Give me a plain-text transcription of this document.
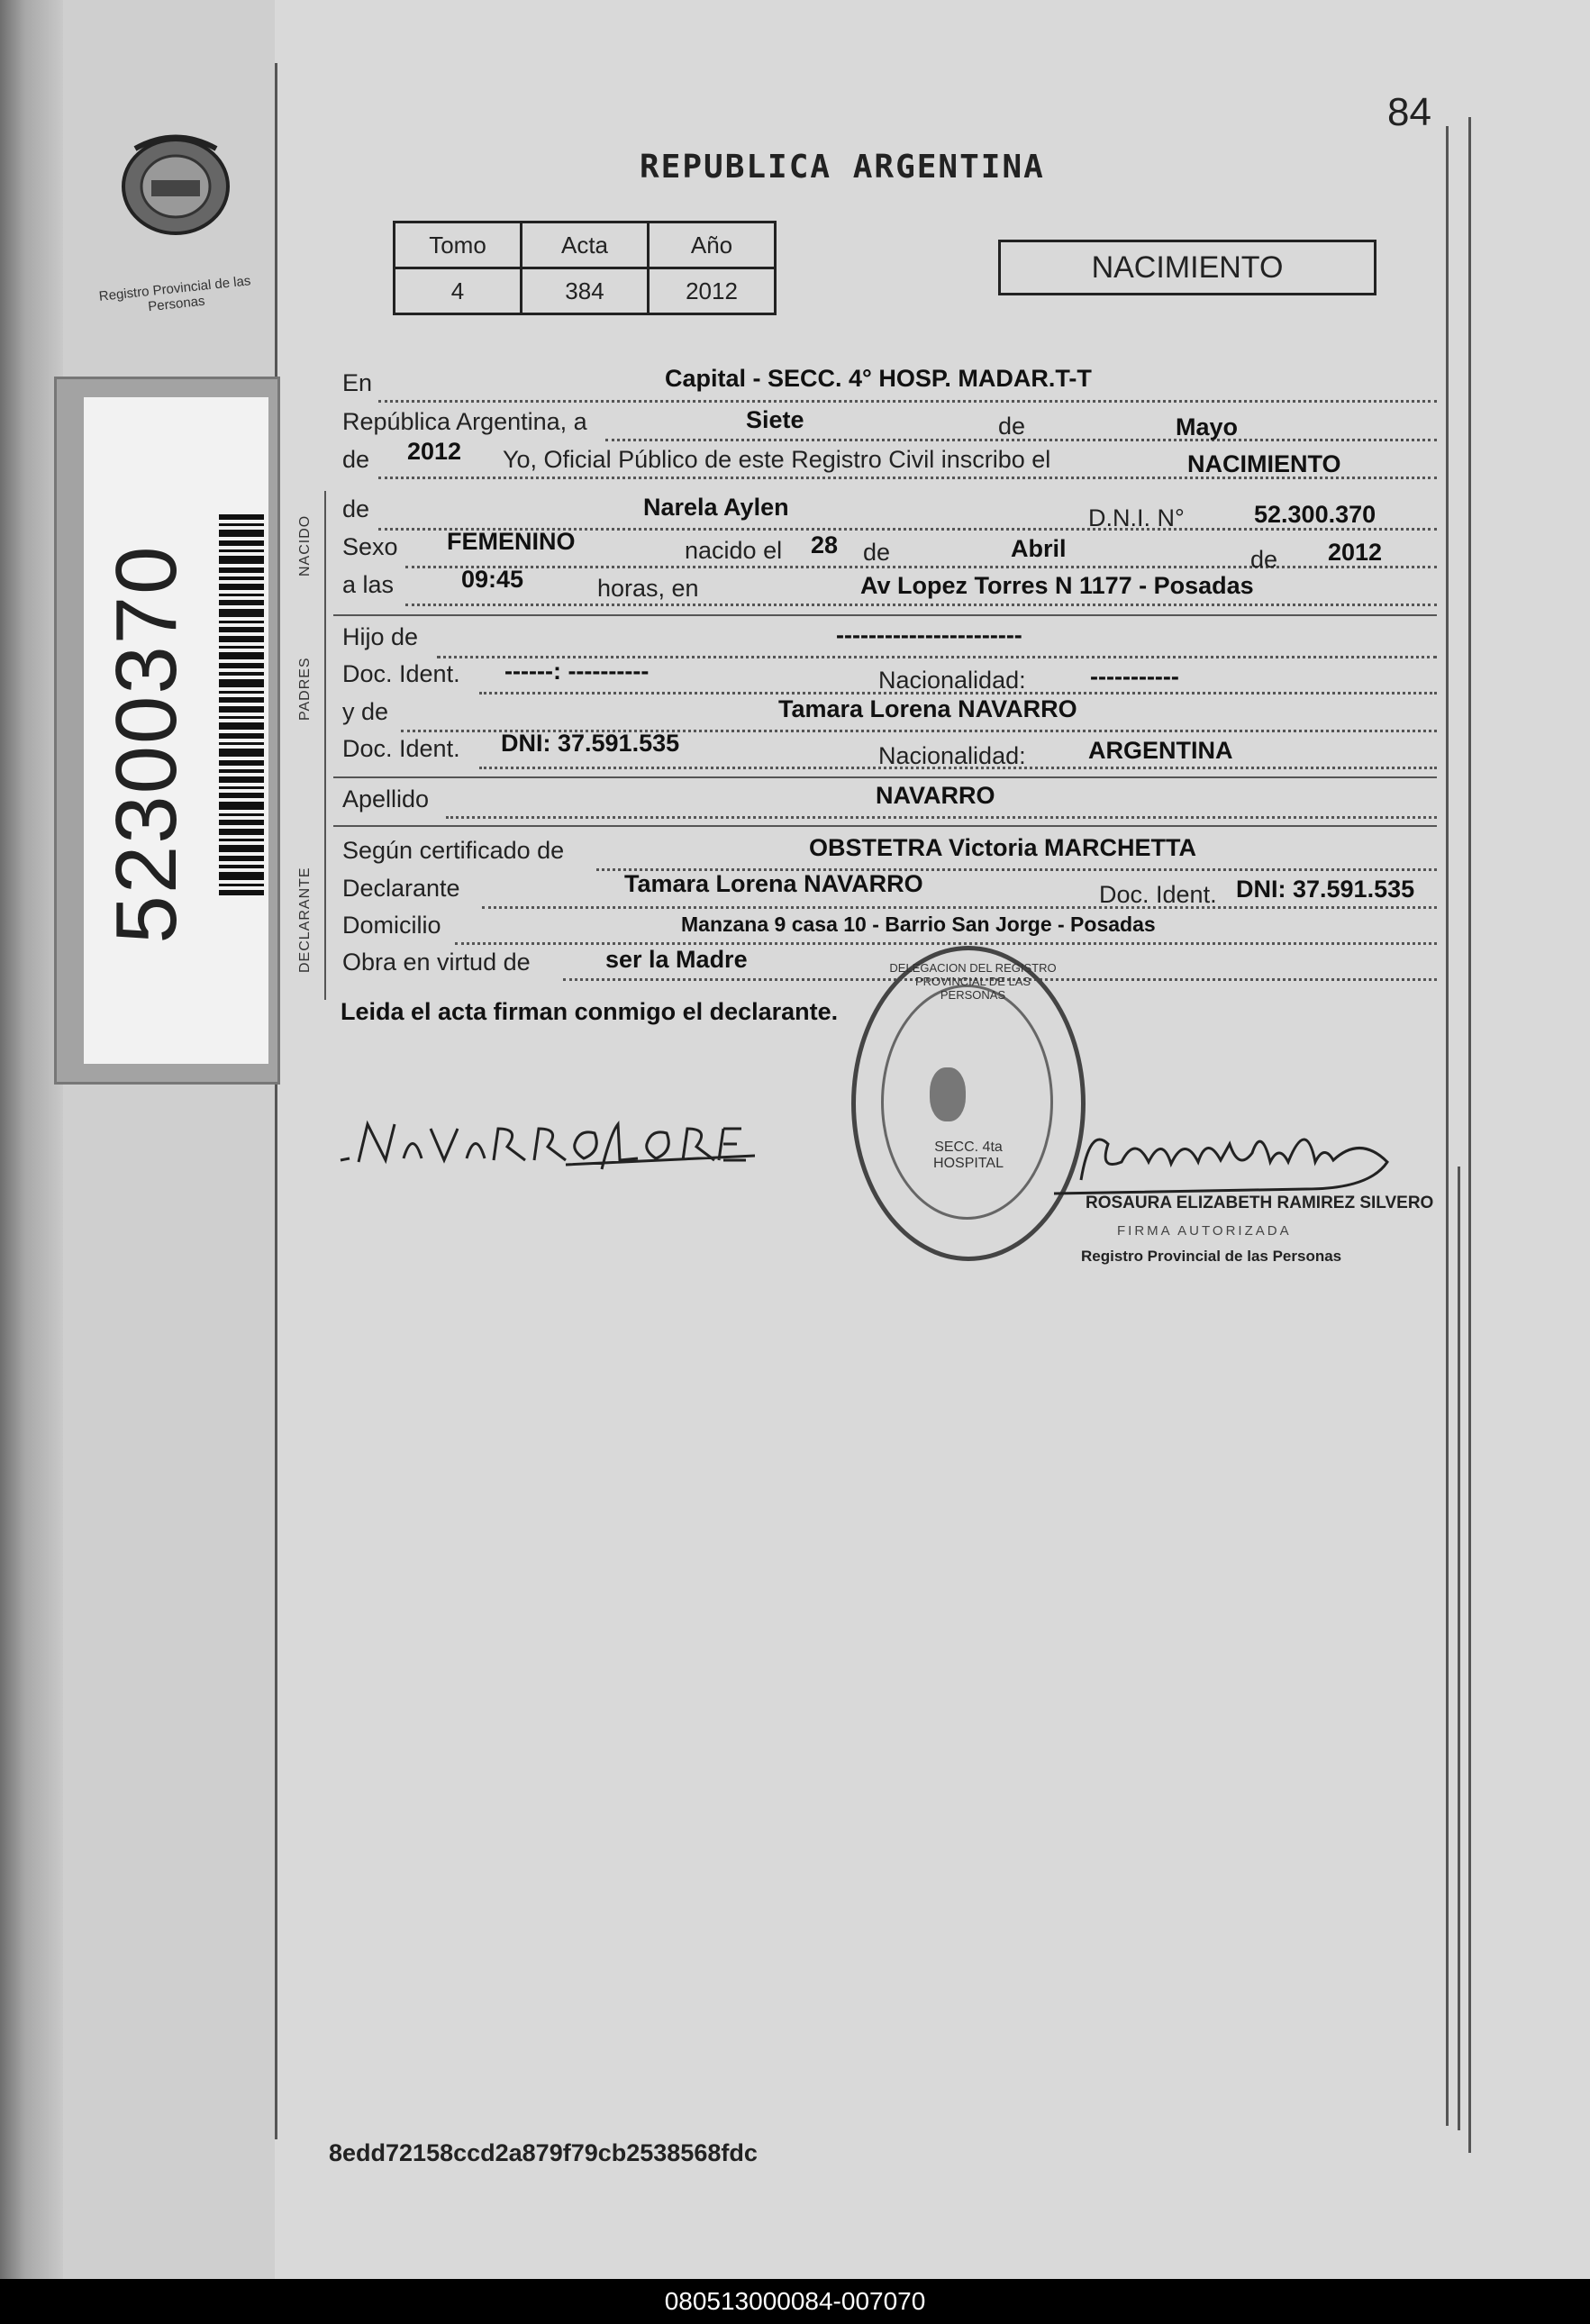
Registro Provincial de las Personas
52300370
84
REPUBLICA ARGENTINA
Tomo	Acta	Año
4	384	2012
NACIMIENTO
NACIDO
PADRES
DECLARANTE
En	Capital - SECC. 4° HOSP. MADAR.T-T
República Argentina, a	Siete	de	Mayo
de 2012 Yo, Oficial Público de este Registro Civil inscribo el	NACIMIENTO
de	Narela Aylen	D.N.I. N°	52.300.370
Sexo FEMENINO	nacido el 28 de	Abril	de 2012
a las	09:45	horas, en	Av Lopez Torres N 1177 - Posadas
Hijo de	-----------------------
Doc. Ident. ------: ----------	Nacionalidad:	-----------
y de	Tamara Lorena NAVARRO
Doc. Ident. DNI: 37.591.535	Nacionalidad:	ARGENTINA
Apellido	NAVARRO
Según certificado de	OBSTETRA Victoria MARCHETTA
Declarante	Tamara Lorena NAVARRO	Doc. Ident. DNI: 37.591.535
Domicilio	Manzana 9 casa 10 - Barrio San Jorge - Posadas
Obra en virtud de	ser la Madre
Leida el acta firman conmigo el declarante.
DELEGACION DEL REGISTRO PROVINCIAL DE LAS PERSONAS
SECC. 4ta HOSPITAL
ROSAURA ELIZABETH RAMIREZ SILVERO
FIRMA AUTORIZADA
Registro Provincial de las Personas
8edd72158ccd2a879f79cb2538568fdc
080513000084-007070
